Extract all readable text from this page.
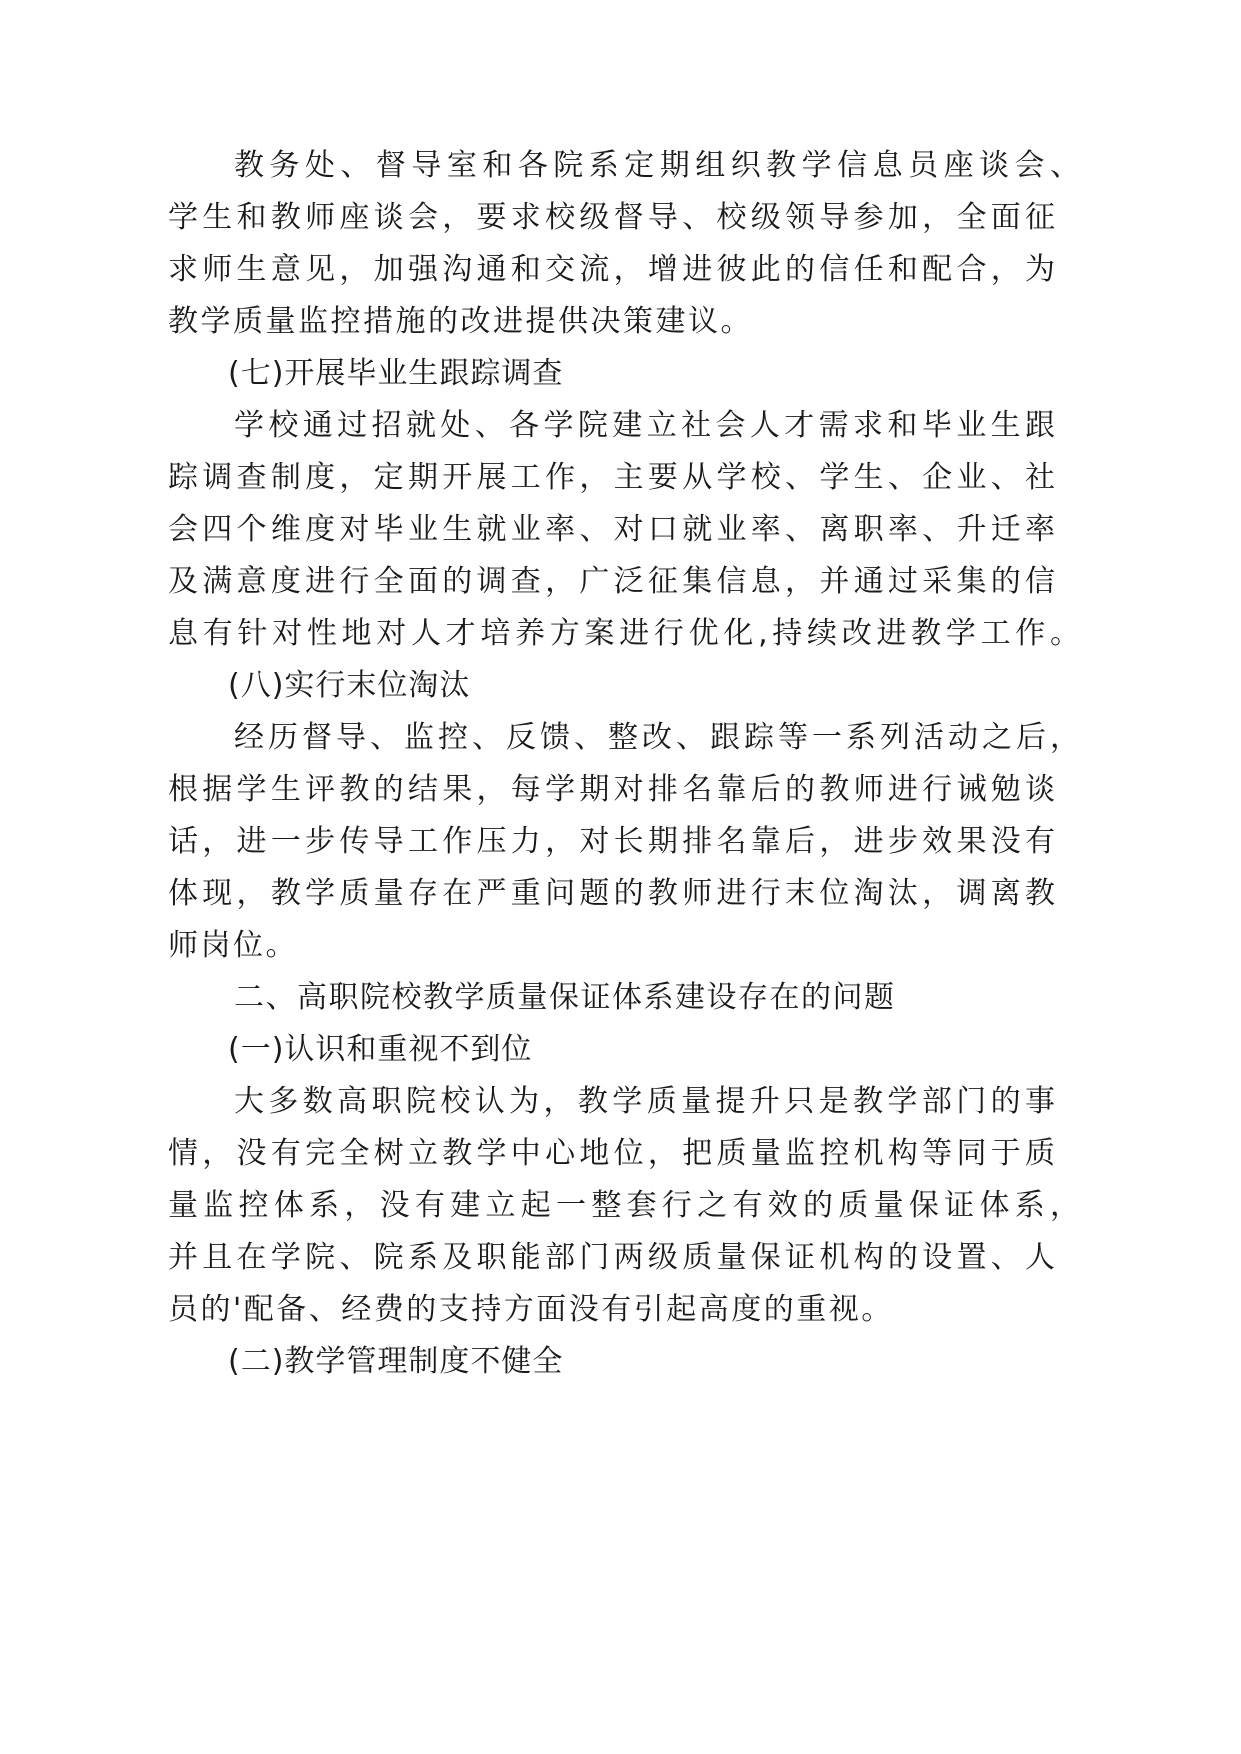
教务处、督导室和各院系定期组织教学信息员座谈会、
学生和教师座谈会，要求校级督导、校级领导参加，全面征
求师生意见，加强沟通和交流，增进彼此的信任和配合，为
教学质量监控措施的改进提供决策建议。
(七)开展毕业生跟踪调查
学校通过招就处、各学院建立社会人才需求和毕业生跟
踪调查制度，定期开展工作，主要从学校、学生、企业、社
会四个维度对毕业生就业率、对口就业率、离职率、升迁率
及满意度进行全面的调查，广泛征集信息，并通过采集的信
息有针对性地对人才培养方案进行优化,持续改进教学工作。
(八)实行末位淘汰
经历督导、监控、反馈、整改、跟踪等一系列活动之后，
根据学生评教的结果，每学期对排名靠后的教师进行诫勉谈
话，进一步传导工作压力，对长期排名靠后，进步效果没有
体现，教学质量存在严重问题的教师进行末位淘汰，调离教
师岗位。
二、高职院校教学质量保证体系建设存在的问题
(一)认识和重视不到位
大多数高职院校认为，教学质量提升只是教学部门的事
情，没有完全树立教学中心地位，把质量监控机构等同于质
量监控体系，没有建立起一整套行之有效的质量保证体系，
并且在学院、院系及职能部门两级质量保证机构的设置、人
员的'配备、经费的支持方面没有引起高度的重视。
(二)教学管理制度不健全
